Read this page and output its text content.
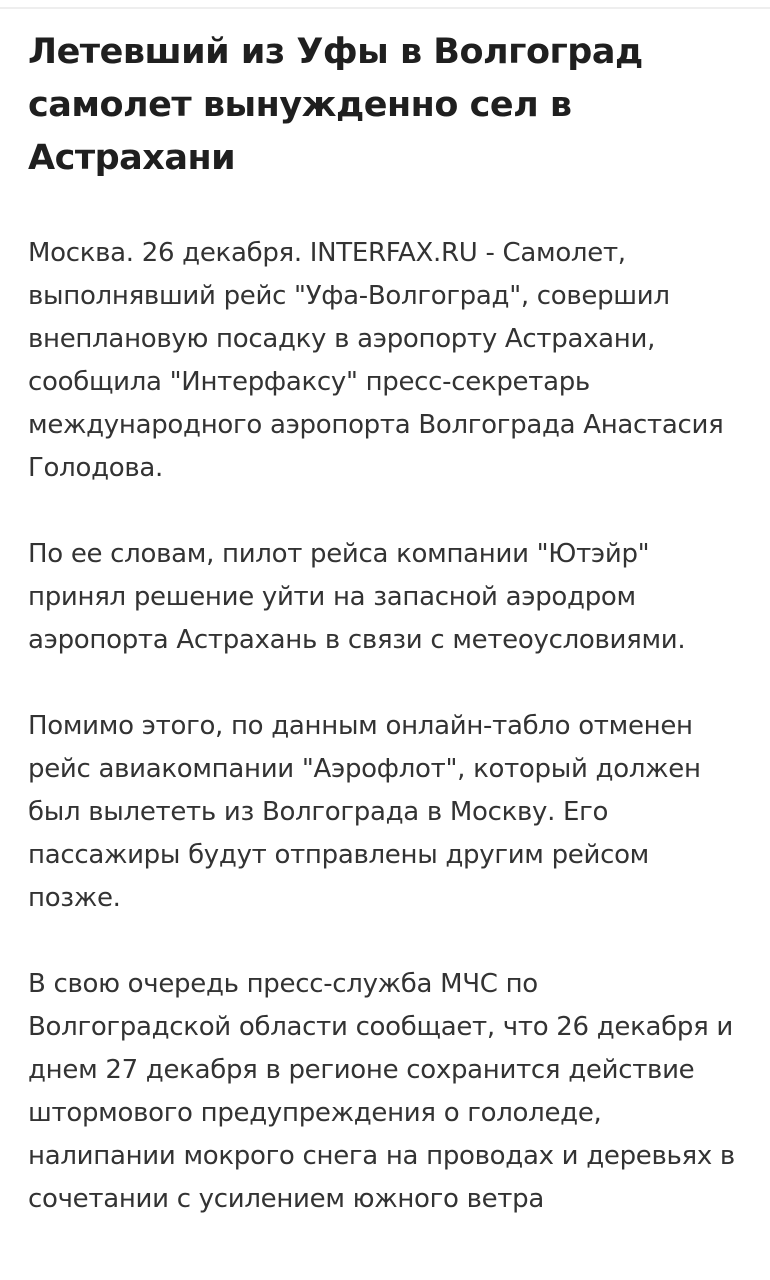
Летевший из Уфы в Волгоград самолет вынужденно сел в Астрахани

Москва. 26 декабря. INTERFAX.RU - Самолет, выполнявший рейс "Уфа-Волгоград", совершил внеплановую посадку в аэропорту Астрахани, сообщила "Интерфаксу" пресс-секретарь международного аэропорта Волгограда Анастасия Голодова.

По ее словам, пилот рейса компании "Ютэйр" принял решение уйти на запасной аэродром аэропорта Астрахань в связи с метеоусловиями.

Помимо этого, по данным онлайн-табло отменен рейс авиакомпании "Аэрофлот", который должен был вылететь из Волгограда в Москву. Его пассажиры будут отправлены другим рейсом позже.

В свою очередь пресс-служба МЧС по Волгоградской области сообщает, что 26 декабря и днем 27 декабря в регионе сохранится действие штормового предупреждения о гололеде, налипании мокрого снега на проводах и деревьях в сочетании с усилением южного ветра
